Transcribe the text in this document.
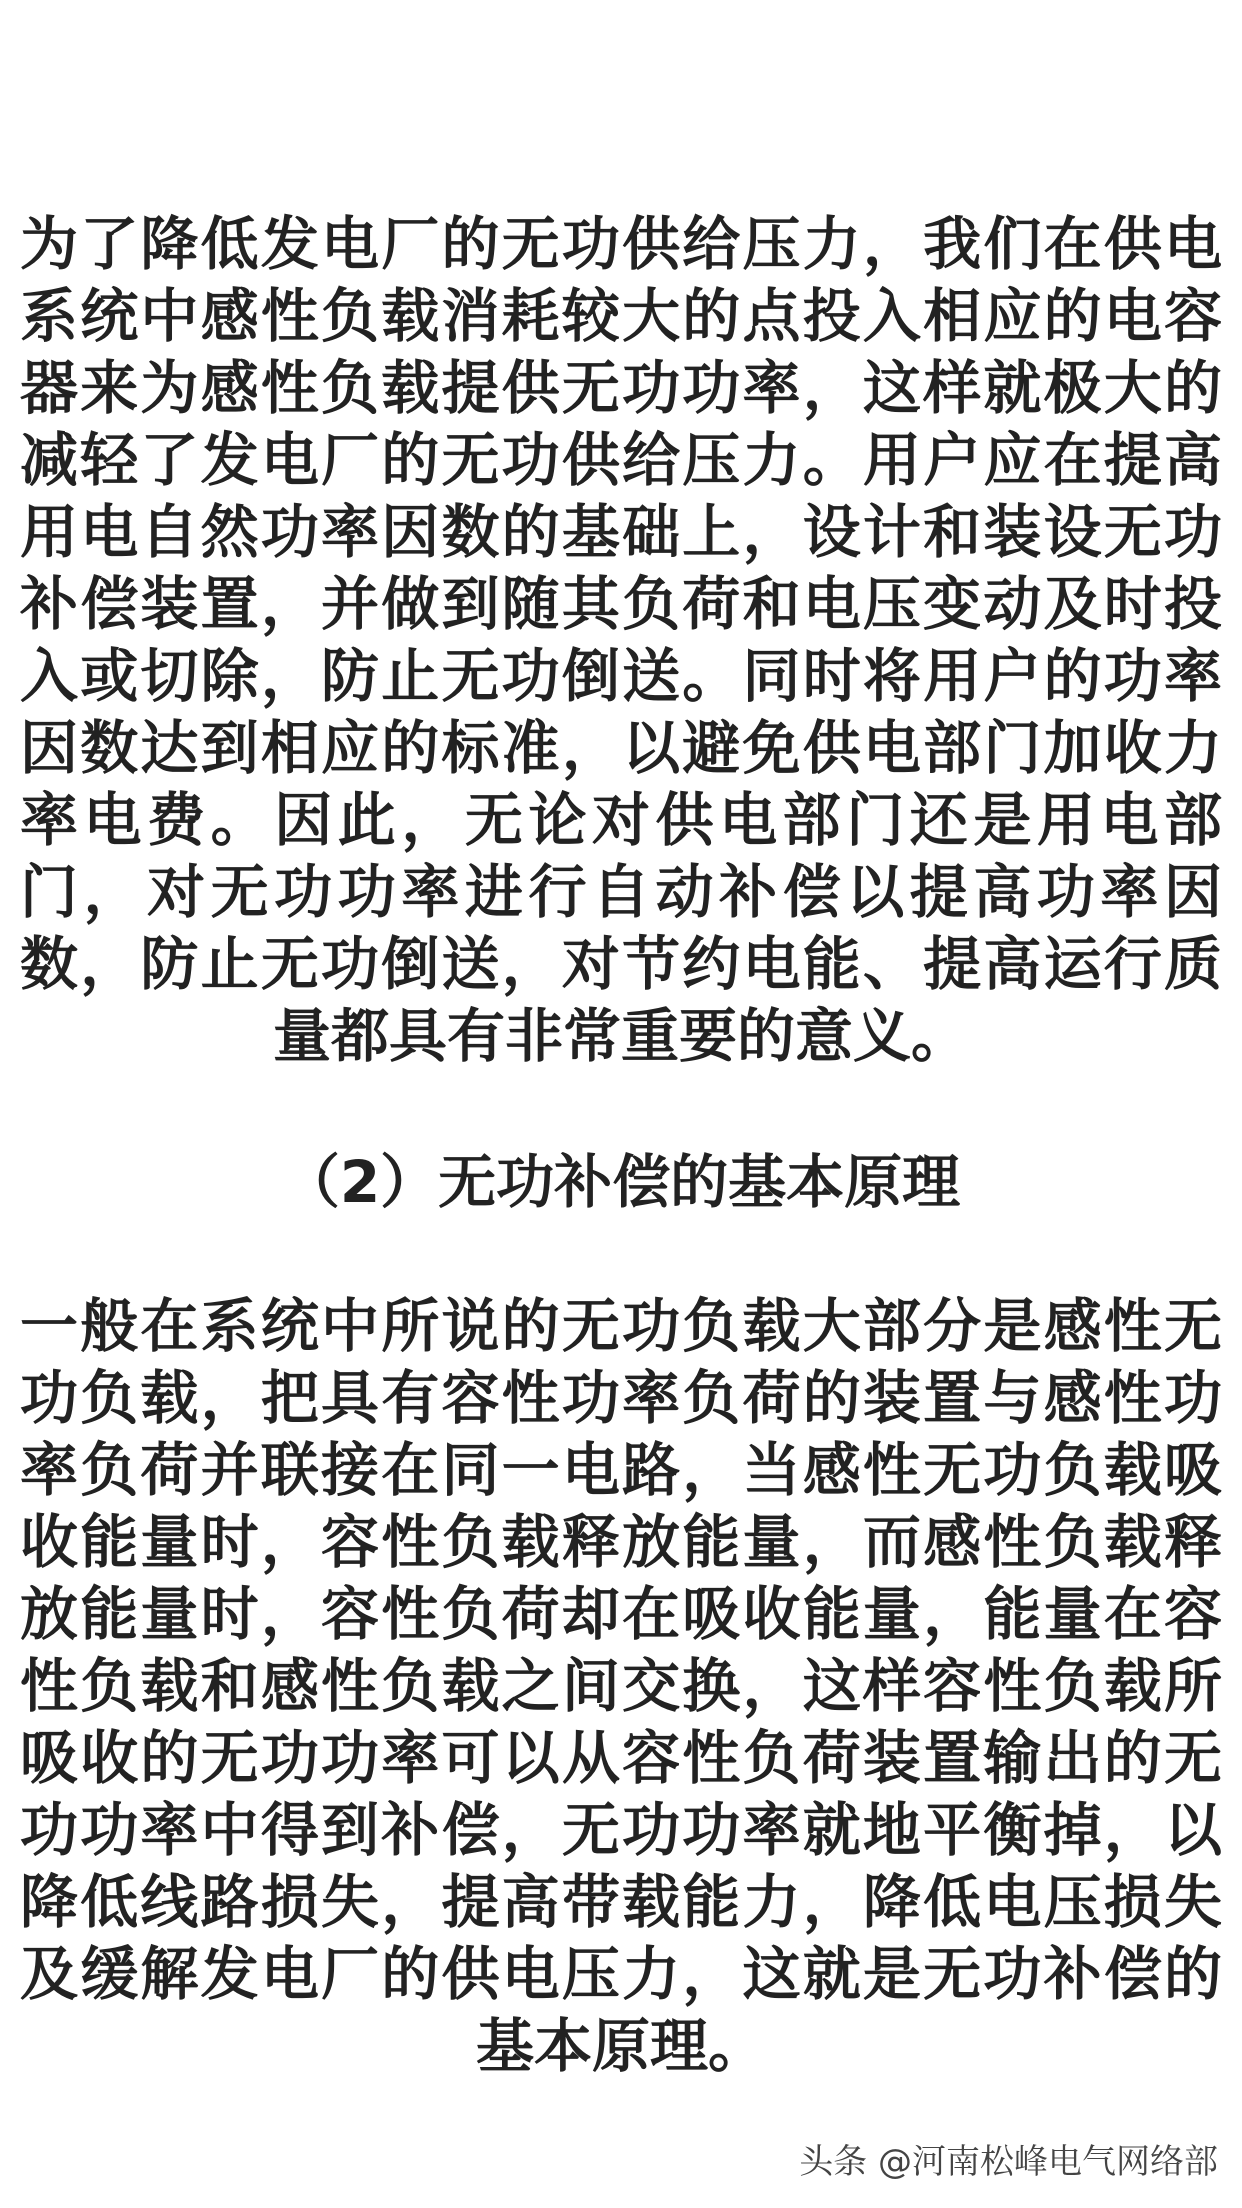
为了降低发电厂的无功供给压力，我们在供电系统中感性负载消耗较大的点投入相应的电容器来为感性负载提供无功功率，这样就极大的减轻了发电厂的无功供给压力。用户应在提高用电自然功率因数的基础上，设计和装设无功补偿装置，并做到随其负荷和电压变动及时投入或切除，防止无功倒送。同时将用户的功率因数达到相应的标准，以避免供电部门加收力率电费。因此，无论对供电部门还是用电部门，对无功功率进行自动补偿以提高功率因数，防止无功倒送，对节约电能、提高运行质量都具有非常重要的意义。
（2）无功补偿的基本原理
一般在系统中所说的无功负载大部分是感性无功负载，把具有容性功率负荷的装置与感性功率负荷并联接在同一电路，当感性无功负载吸收能量时，容性负载释放能量，而感性负载释放能量时，容性负荷却在吸收能量，能量在容性负载和感性负载之间交换，这样容性负载所吸收的无功功率可以从容性负荷装置输出的无功功率中得到补偿，无功功率就地平衡掉，以降低线路损失，提高带载能力，降低电压损失及缓解发电厂的供电压力，这就是无功补偿的基本原理。
头条 @河南松峰电气网络部
